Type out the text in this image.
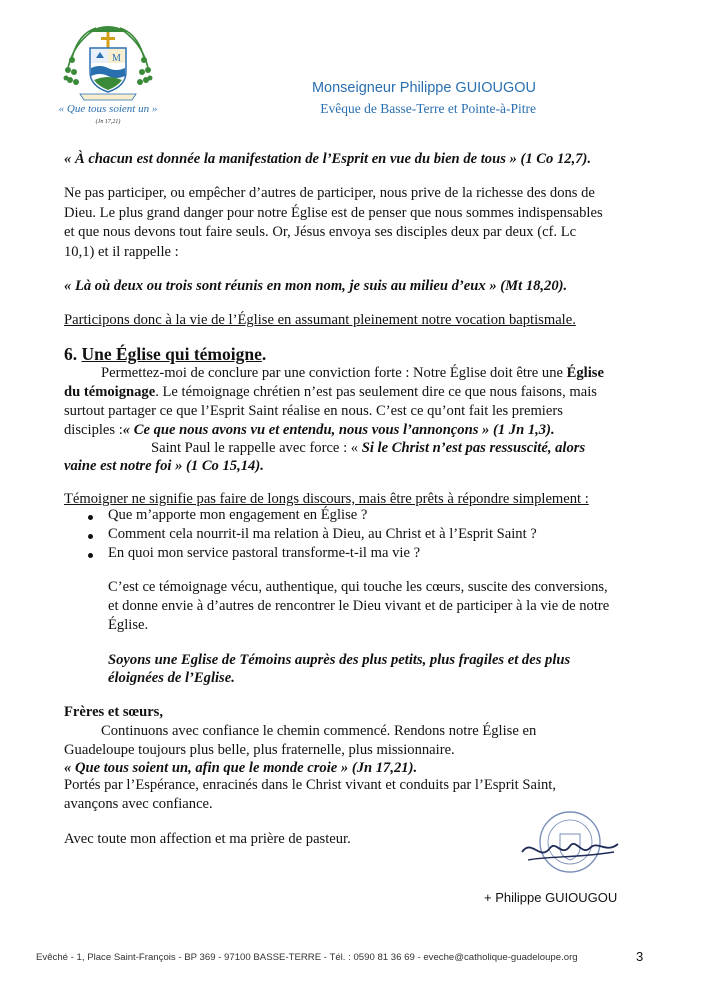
M
« Que tous soient un »
(Jn 17,21)
Monseigneur Philippe GUIOUGOU
Evêque de Basse-Terre et Pointe-à-Pitre
« À chacun est donnée la manifestation de l’Esprit en vue du bien de tous » (1 Co 12,7).
Ne pas participer, ou empêcher d’autres de participer, nous prive de la richesse des dons de
Dieu. Le plus grand danger pour notre Église est de penser que nous sommes indispensables
et que nous devons tout faire seuls. Or, Jésus envoya ses disciples deux par deux (cf. Lc
10,1) et il rappelle :
« Là où deux ou trois sont réunis en mon nom, je suis au milieu d’eux » (Mt 18,20).
Participons donc à la vie de l’Église en assumant pleinement notre vocation baptismale.
6. Une Église qui témoigne.
Permettez-moi de conclure par une conviction forte : Notre Église doit être une Église
du témoignage. Le témoignage chrétien n’est pas seulement dire ce que nous faisons, mais
surtout partager ce que l’Esprit Saint réalise en nous. C’est ce qu’ont fait les premiers
disciples :« Ce que nous avons vu et entendu, nous vous l’annonçons » (1 Jn 1,3).
Saint Paul le rappelle avec force : « Si le Christ n’est pas ressuscité, alors
vaine est notre foi » (1 Co 15,14).
Témoigner ne signifie pas faire de longs discours, mais être prêts à répondre simplement :
Que m’apporte mon engagement en Église ?
Comment cela nourrit-il ma relation à Dieu, au Christ et à l’Esprit Saint ?
En quoi mon service pastoral transforme-t-il ma vie ?
C’est ce témoignage vécu, authentique, qui touche les cœurs, suscite des conversions,
et donne envie à d’autres de rencontrer le Dieu vivant et de participer à la vie de notre
Église.
Soyons une Eglise de Témoins auprès des plus petits, plus fragiles et des plus
éloignées de l’Eglise.
Frères et sœurs,
Continuons avec confiance le chemin commencé. Rendons notre Église en
Guadeloupe toujours plus belle, plus fraternelle, plus missionnaire.
« Que tous soient un, afin que le monde croie » (Jn 17,21).
Portés par l’Espérance, enracinés dans le Christ vivant et conduits par l’Esprit Saint,
avançons avec confiance.
Avec toute mon affection et ma prière de pasteur.
+ Philippe GUIOUGOU
Evêché - 1, Place Saint-François - BP 369 - 97100 BASSE-TERRE - Tél. : 0590 81 36 69 - eveche@catholique-guadeloupe.org	3
